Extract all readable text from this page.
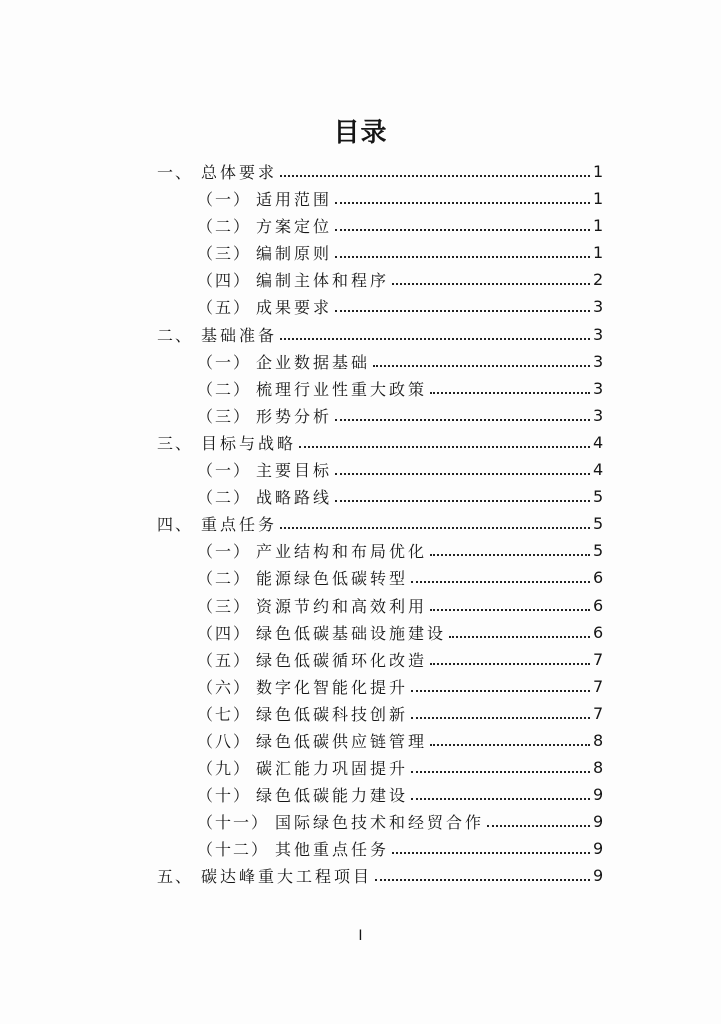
目录
一、 总体要求	1
（一） 适用范围	1
（二） 方案定位	1
（三） 编制原则	1
（四） 编制主体和程序	2
（五） 成果要求	3
二、 基础准备	3
（一） 企业数据基础	3
（二） 梳理行业性重大政策	3
（三） 形势分析	3
三、 目标与战略	4
（一） 主要目标	4
（二） 战略路线	5
四、 重点任务	5
（一） 产业结构和布局优化	5
（二） 能源绿色低碳转型	6
（三） 资源节约和高效利用	6
（四） 绿色低碳基础设施建设	6
（五） 绿色低碳循环化改造	7
（六） 数字化智能化提升	7
（七） 绿色低碳科技创新	7
（八） 绿色低碳供应链管理	8
（九） 碳汇能力巩固提升	8
（十） 绿色低碳能力建设	9
（十一） 国际绿色技术和经贸合作	9
（十二） 其他重点任务	9
五、 碳达峰重大工程项目	9
I
